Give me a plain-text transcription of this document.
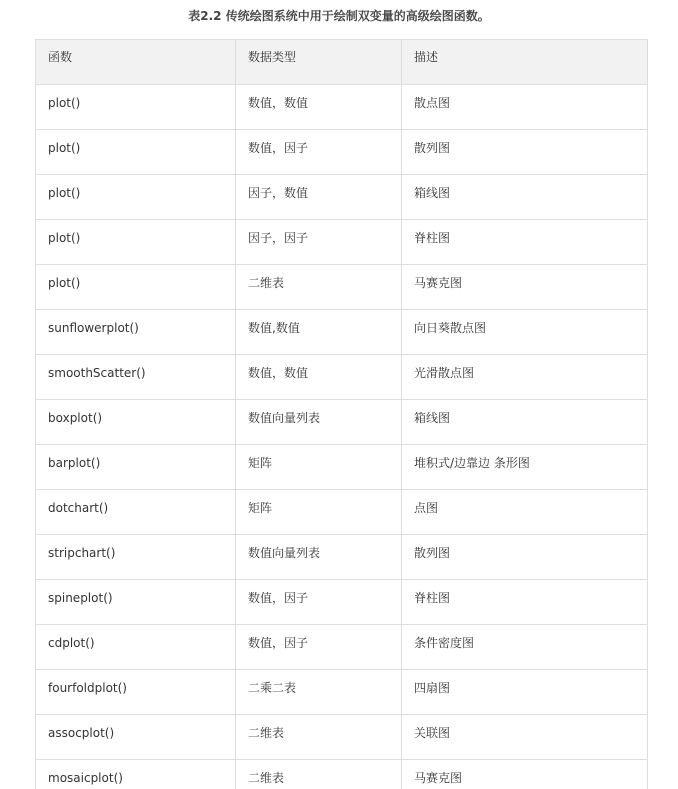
表2.2 传统绘图系统中用于绘制双变量的高级绘图函数。
函数	数据类型	描述
plot()	数值，数值	散点图
plot()	数值，因子	散列图
plot()	因子，数值	箱线图
plot()	因子，因子	脊柱图
plot()	二维表	马赛克图
sunflowerplot()	数值,数值	向日葵散点图
smoothScatter()	数值，数值	光滑散点图
boxplot()	数值向量列表	箱线图
barplot()	矩阵	堆积式/边靠边 条形图
dotchart()	矩阵	点图
stripchart()	数值向量列表	散列图
spineplot()	数值，因子	脊柱图
cdplot()	数值，因子	条件密度图
fourfoldplot()	二乘二表	四扇图
assocplot()	二维表	关联图
mosaicplot()	二维表	马赛克图
